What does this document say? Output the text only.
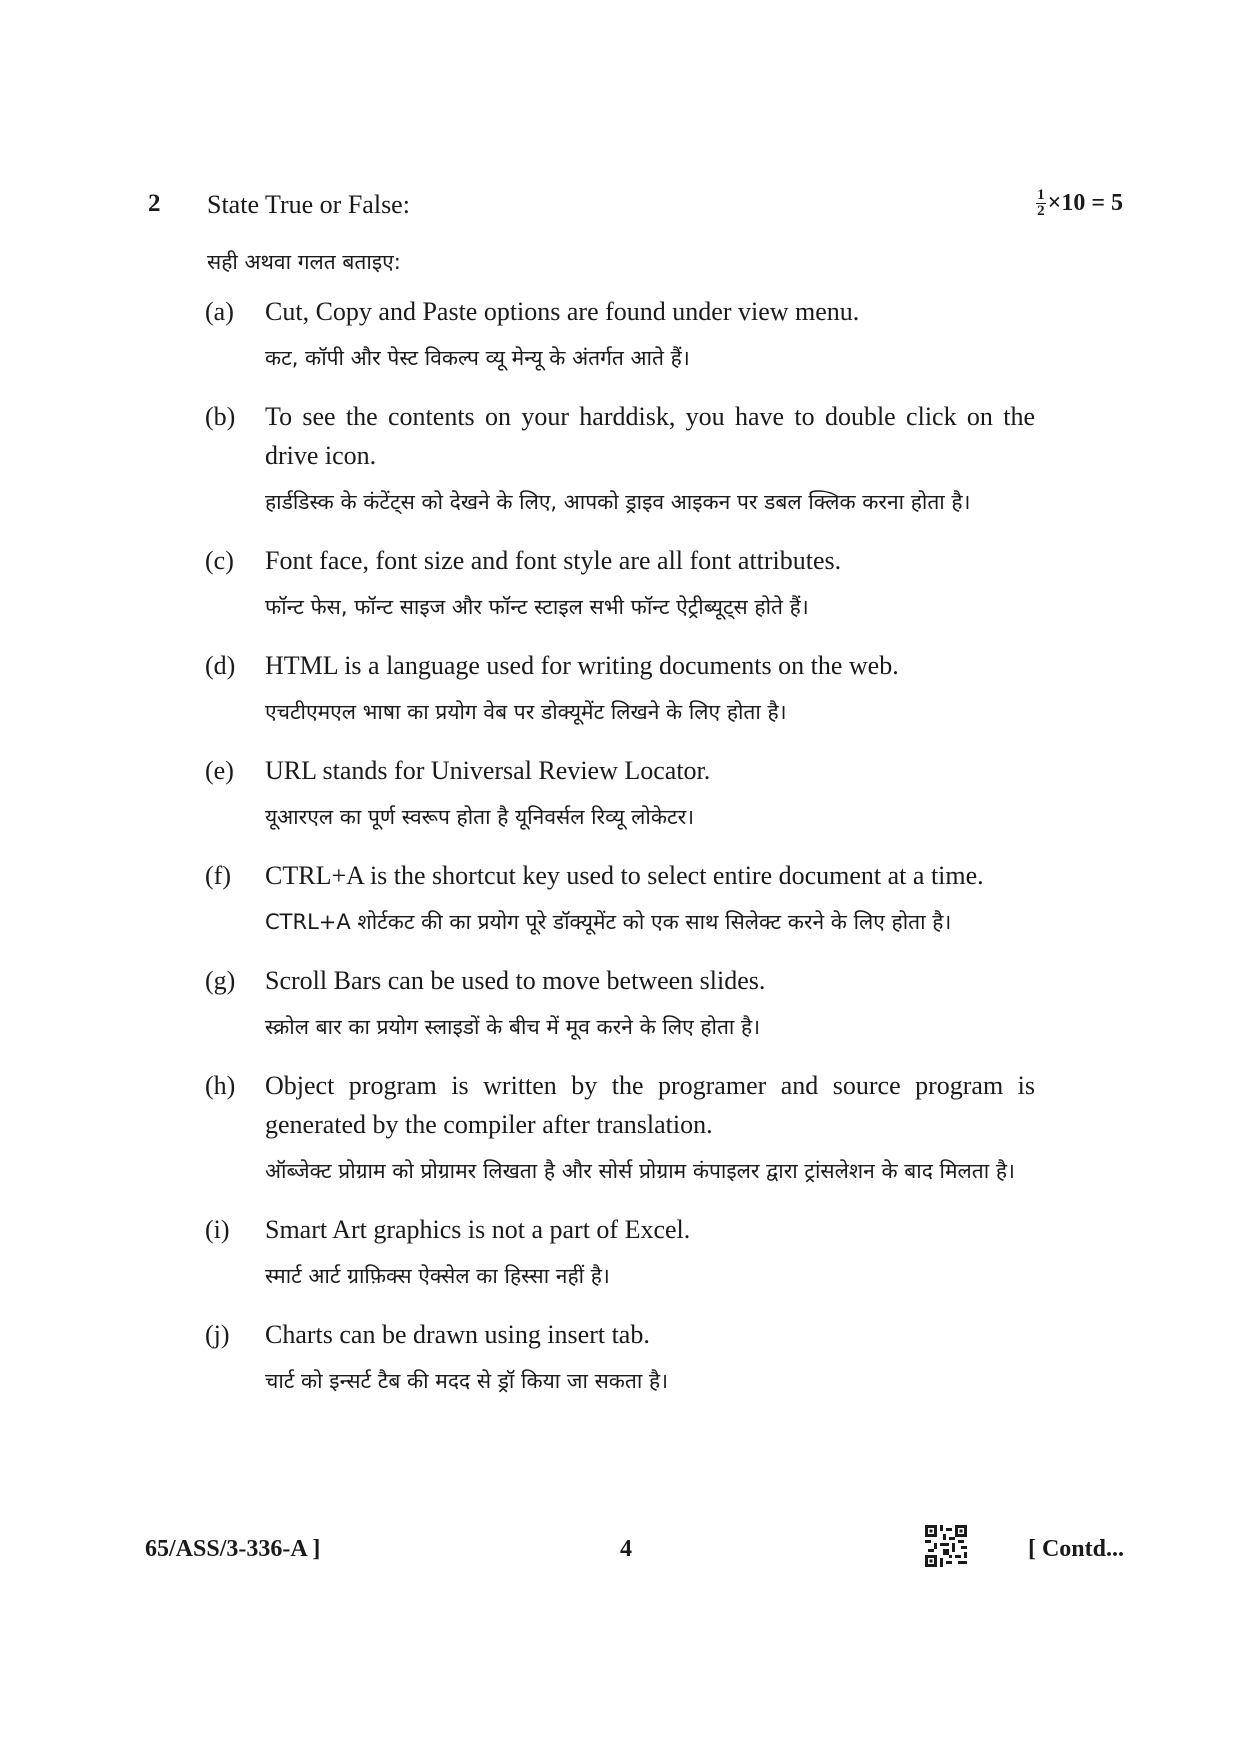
2 State True or False:	$\frac{1}{2} \times 10 = 5$
सही अथवा गलत बताइए:
(a) Cut, Copy and Paste options are found under view menu.
कट, कॉपी और पेस्ट विकल्प व्यू मेन्यू के अंतर्गत आते हैं।
(b) To see the contents on your harddisk, you have to double click on the drive icon.
हार्डडिस्क के कंटेंट्स को देखने के लिए, आपको ड्राइव आइकन पर डबल क्लिक करना होता है।
(c) Font face, font size and font style are all font attributes.
फॉन्ट फेस, फॉन्ट साइज और फॉन्ट स्टाइल सभी फॉन्ट ऐट्रीब्यूट्स होते हैं।
(d) HTML is a language used for writing documents on the web.
एचटीएमएल भाषा का प्रयोग वेब पर डोक्यूमेंट लिखने के लिए होता है।
(e) URL stands for Universal Review Locator.
यूआरएल का पूर्ण स्वरूप होता है यूनिवर्सल रिव्यू लोकेटर।
(f) CTRL+A is the shortcut key used to select entire document at a time.
CTRL+A शोर्टकट की का प्रयोग पूरे डॉक्यूमेंट को एक साथ सिलेक्ट करने के लिए होता है।
(g) Scroll Bars can be used to move between slides.
स्क्रोल बार का प्रयोग स्लाइडों के बीच में मूव करने के लिए होता है।
(h) Object program is written by the programer and source program is generated by the compiler after translation.
ऑब्जेक्ट प्रोग्राम को प्रोग्रामर लिखता है और सोर्स प्रोग्राम कंपाइलर द्वारा ट्रांसलेशन के बाद मिलता है।
(i) Smart Art graphics is not a part of Excel.
स्मार्ट आर्ट ग्राफ़िक्स ऐक्सेल का हिस्सा नहीं है।
(j) Charts can be drawn using insert tab.
चार्ट को इन्सर्ट टैब की मदद से ड्रॉ किया जा सकता है।
65/ASS/3-336-A ]	4	[ Contd...
